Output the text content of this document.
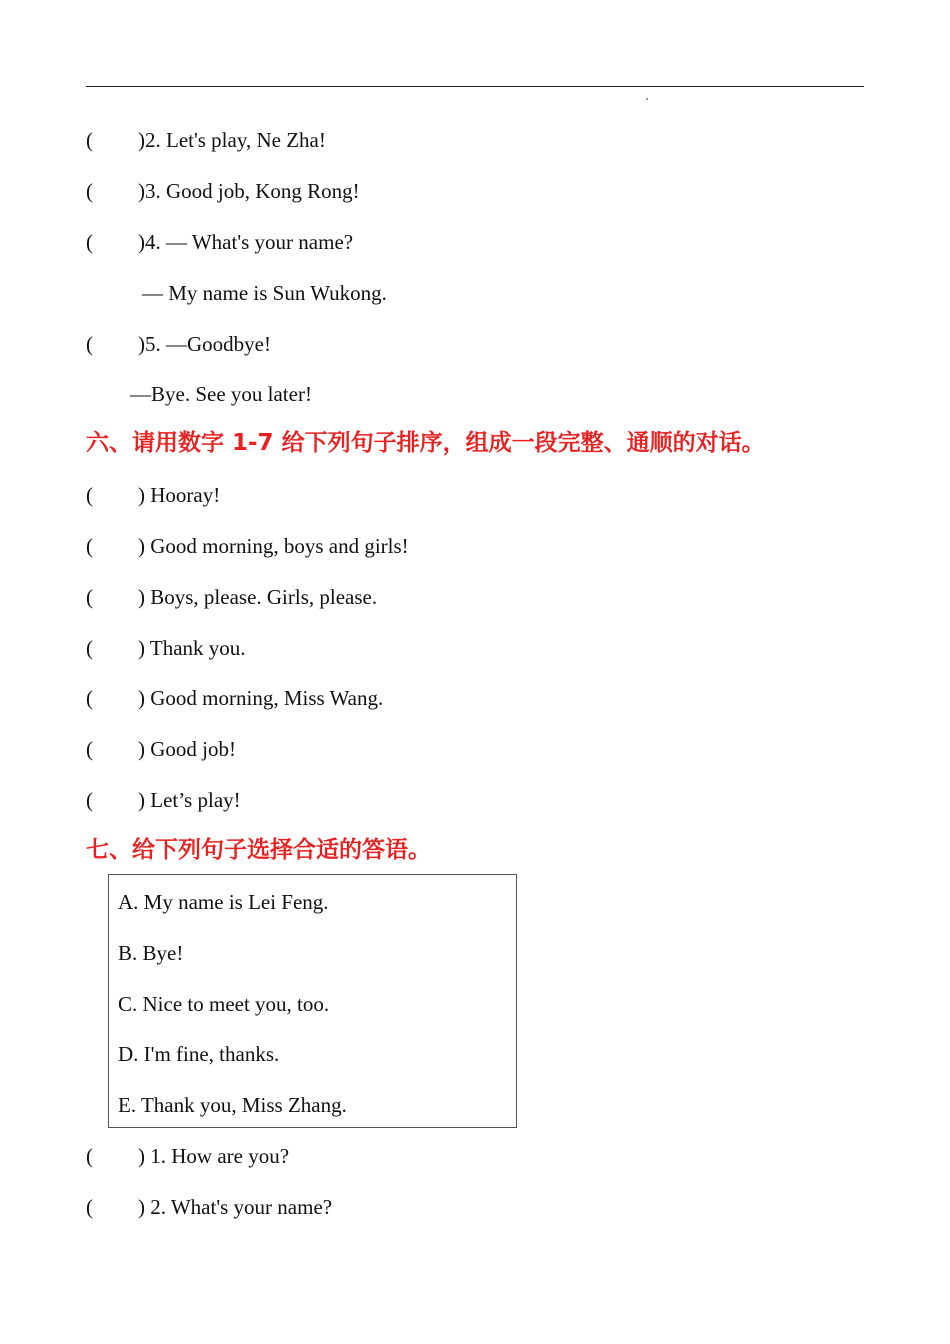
( )2. Let's play, Ne Zha!
( )3. Good job, Kong Rong!
( )4. — What's your name?
— My name is Sun Wukong.
( )5. —Goodbye!
—Bye. See you later!
六、请用数字 1-7 给下列句子排序，组成一段完整、通顺的对话。
( ) Hooray!
( ) Good morning, boys and girls!
( ) Boys, please. Girls, please.
( ) Thank you.
( ) Good morning, Miss Wang.
( ) Good job!
( ) Let’s play!
七、给下列句子选择合适的答语。
A. My name is Lei Feng.
B. Bye!
C. Nice to meet you, too.
D. I'm fine, thanks.
E. Thank you, Miss Zhang.
( ) 1. How are you?
( ) 2. What's your name?
